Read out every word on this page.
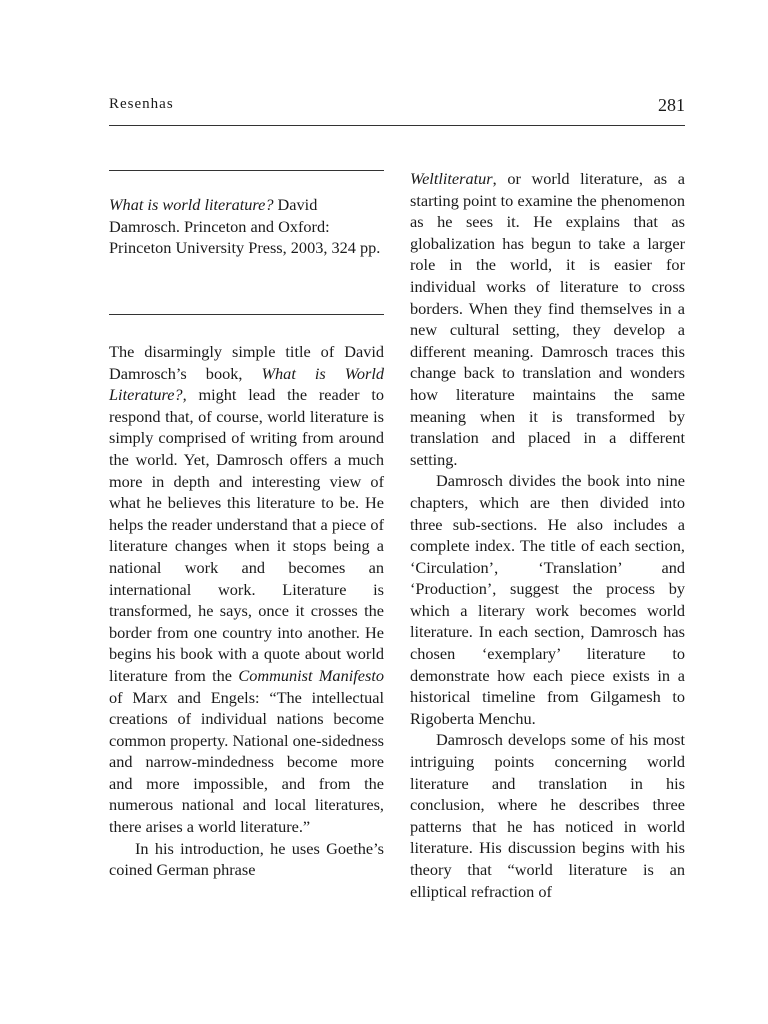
Resenhas	281
What is world literature? David Damrosch. Princeton and Oxford: Princeton University Press, 2003, 324 pp.

The disarmingly simple title of David Damrosch’s book, What is World Literature?, might lead the reader to respond that, of course, world literature is simply comprised of writing from around the world. Yet, Damrosch offers a much more in depth and interesting view of what he believes this literature to be. He helps the reader understand that a piece of literature changes when it stops being a national work and becomes an international work. Literature is transformed, he says, once it crosses the border from one country into another. He begins his book with a quote about world literature from the Communist Manifesto of Marx and Engels: “The intellectual creations of individual nations become common property. National one-sidedness and narrow-mindedness become more and more impossible, and from the numerous national and local literatures, there arises a world literature.”

In his introduction, he uses Goethe’s coined German phrase

Weltliteratur, or world literature, as a starting point to examine the phenomenon as he sees it. He explains that as globalization has begun to take a larger role in the world, it is easier for individual works of literature to cross borders. When they find themselves in a new cultural setting, they develop a different meaning. Damrosch traces this change back to translation and wonders how literature maintains the same meaning when it is transformed by translation and placed in a different setting.

Damrosch divides the book into nine chapters, which are then divided into three sub-sections. He also includes a complete index. The title of each section, ‘Circulation’, ‘Translation’ and ‘Production’, suggest the process by which a literary work becomes world literature. In each section, Damrosch has chosen ‘exemplary’ literature to demonstrate how each piece exists in a historical timeline from Gilgamesh to Rigoberta Menchu.

Damrosch develops some of his most intriguing points concerning world literature and translation in his conclusion, where he describes three patterns that he has noticed in world literature. His discussion begins with his theory that “world literature is an elliptical refraction of
